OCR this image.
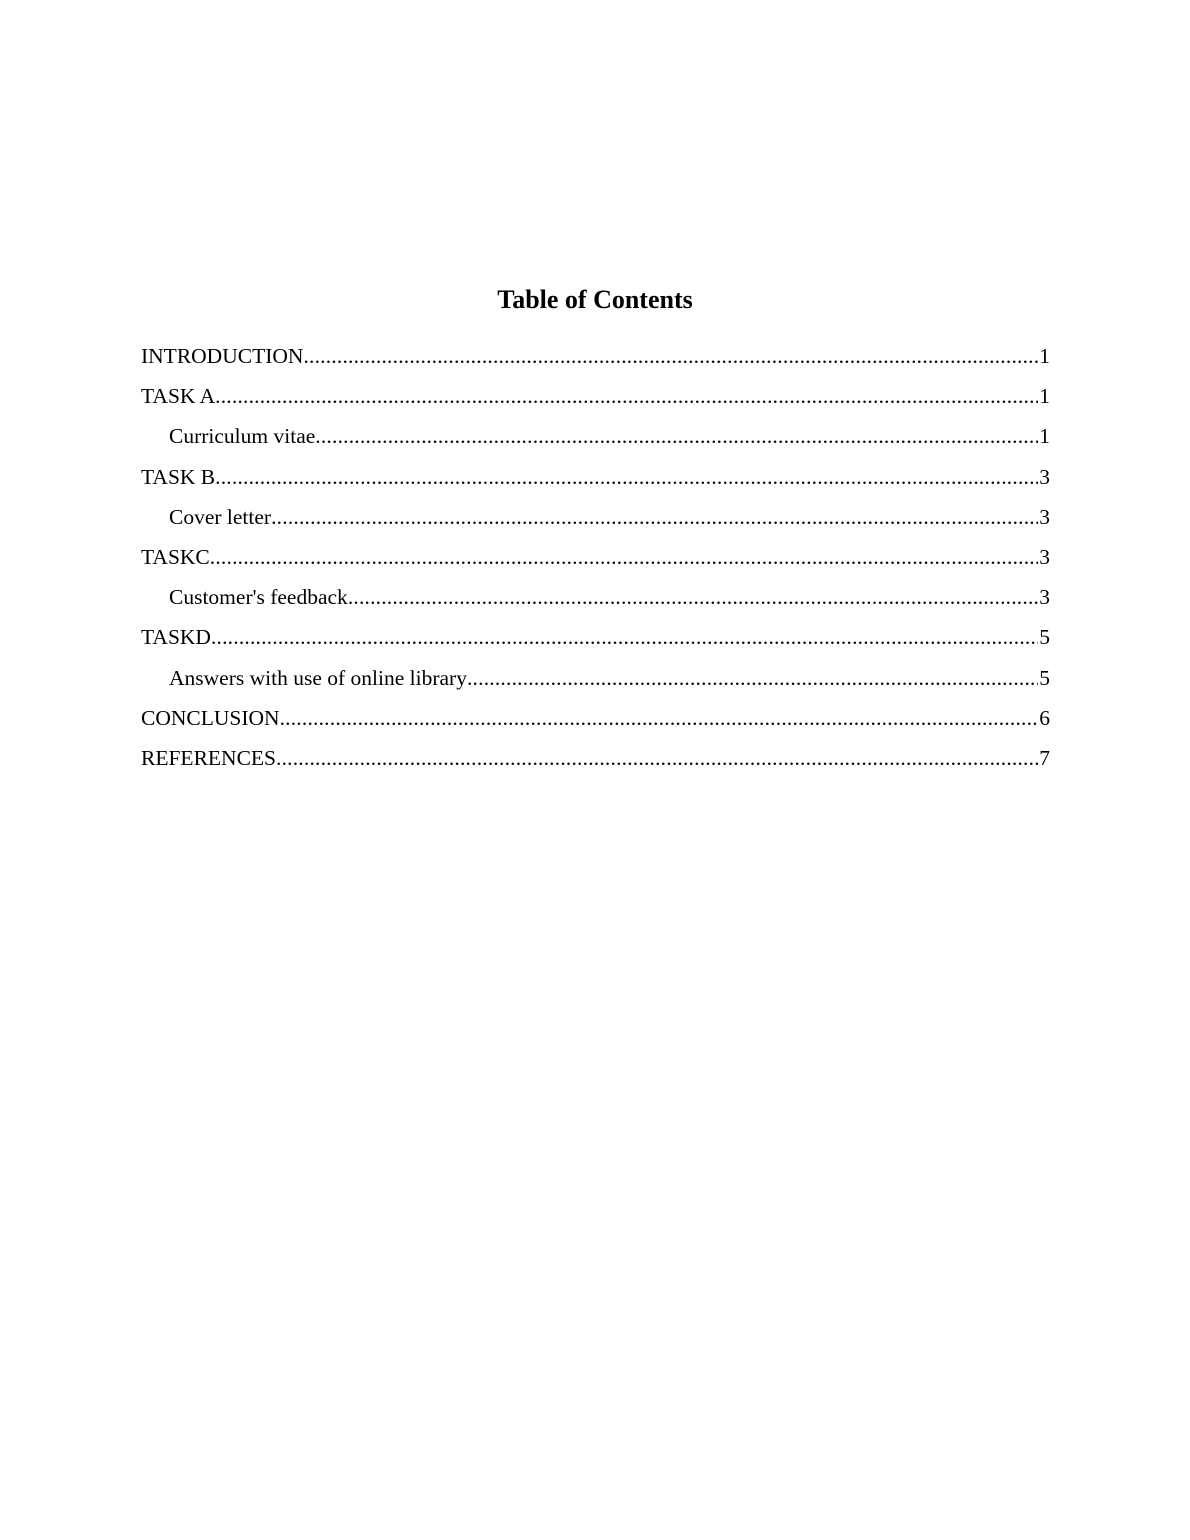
Table of Contents
INTRODUCTION .....	1
TASK A .....	1
Curriculum vitae .....	1
TASK B .....	3
Cover letter .....	3
TASKC .....	3
Customer's feedback .....	3
TASKD .....	5
Answers with use of online library .....	5
CONCLUSION .....	6
REFERENCES .....	7
